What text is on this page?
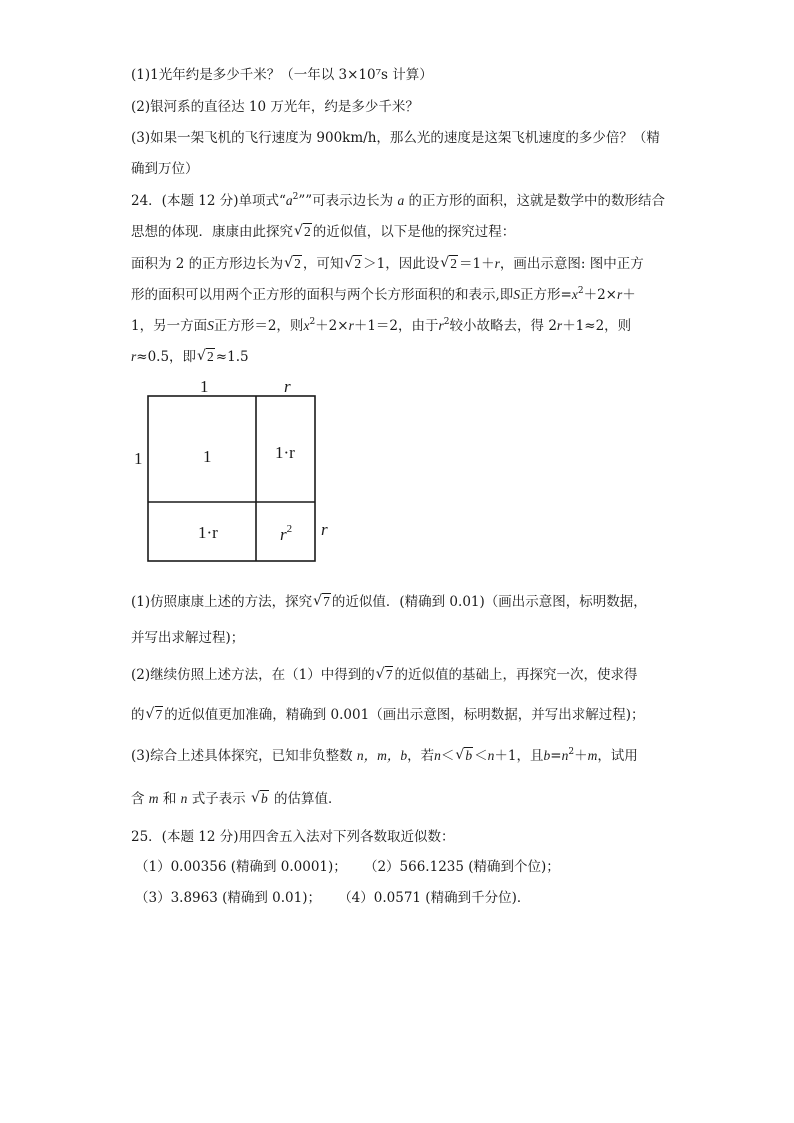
(1)1光年约是多少千米？（一年以 3×10⁷s 计算）
(2)银河系的直径达 10 万光年，约是多少千米？
(3)如果一架飞机的飞行速度为 900km/h，那么光的速度是这架飞机速度的多少倍？（精
确到万位）
24．(本题 12 分)单项式“$a^2$””可表示边长为 a 的正方形的面积，这就是数学中的数形结合
思想的体现．康康由此探究 √ 2 的近似值，以下是他的探究过程：
面积为 2 的正方形边长为 √ 2 ，可知 √ 2 ＞1，因此设 √ 2 ＝1＋r，画出示意图: 图中正方
形的面积可以用两个正方形的面积与两个长方形面积的和表示,即S正方形$=x^2+2\times r+$
1，另一方面S正方形＝2，则$x^2+2\times r+1=2$，由于$r^2$较小故略去，得 2r＋1≈2，则
r≈0.5，即 √ 2 ≈1.5
1	r
1
r
1	1·r
1·r	$r^2$
(1)仿照康康上述的方法，探究 √ 7 的近似值．(精确到 0.01)（画出示意图，标明数据，
并写出求解过程)；
(2)继续仿照上述方法，在（1）中得到的 √ 7 的近似值的基础上，再探究一次，使求得
的 √ 7 的近似值更加准确，精确到 0.001（画出示意图，标明数据，并写出求解过程)；
(3)综合上述具体探究，已知非负整数 n，m，b，若n＜ √ b ＜n＋1，且$b=n^2+m$，试用
含 m 和 n 式子表示 √ b 的估算值．
25．(本题 12 分)用四舍五入法对下列各数取近似数：
（1）0.00356 (精确到 0.0001)； （2）566.1235 (精确到个位)；
（3）3.8963 (精确到 0.01)； （4）0.0571 (精确到千分位)．
